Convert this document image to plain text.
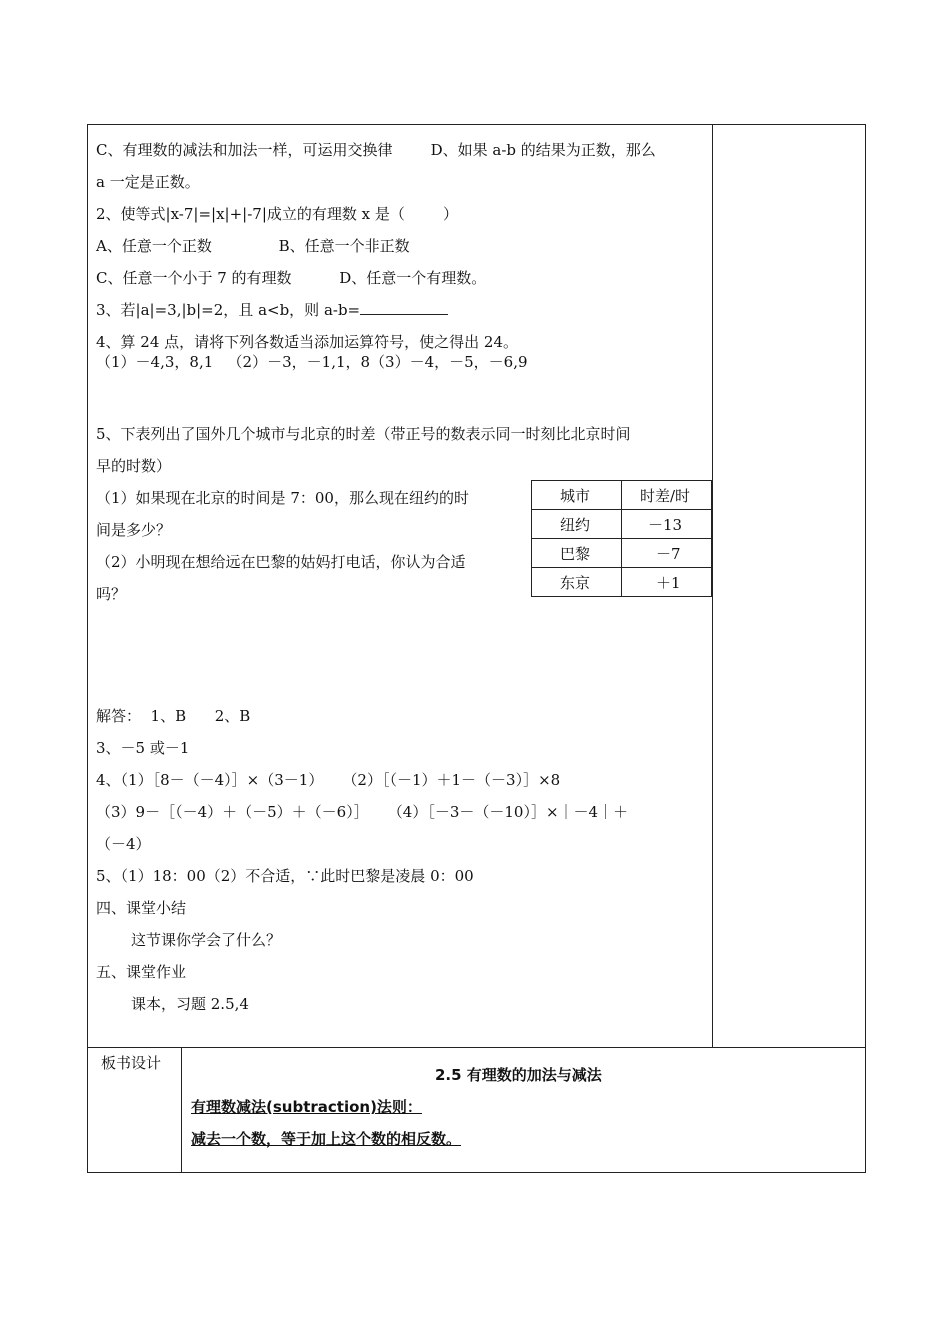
C、有理数的减法和加法一样，可运用交换律        D、如果 a-b 的结果为正数，那么
a 一定是正数。
2、使等式|x-7|=|x|+|-7|成立的有理数 x 是（        ）
A、任意一个正数              B、任意一个非正数
C、任意一个小于 7 的有理数          D、任意一个有理数。
3、若|a|=3,|b|=2，且 a<b，则 a-b=
4、算 24 点，请将下列各数适当添加运算符号，使之得出 24。
（1）－4,3，8,1   （2）－3，－1,1，8（3）－4，－5，－6,9
5、下表列出了国外几个城市与北京的时差（带正号的数表示同一时刻比北京时间
早的时数）
（1）如果现在北京的时间是 7：00，那么现在纽约的时
间是多少？
（2）小明现在想给远在巴黎的姑妈打电话，你认为合适
吗？
城市	时差/时
纽约	－13
巴黎	－7
东京	＋1
解答：  1、B      2、B
3、－5 或－1
4、（1）［8－（－4）］×（3－1）    （2）［（－1）＋1－（－3）］×8
（3）9－［（－4）＋（－5）＋（－6）］    （4）［－3－（－10）］×｜－4｜＋
（－4）
5、（1）18：00（2）不合适，∵此时巴黎是凌晨 0：00
四、课堂小结
这节课你学会了什么？
五、课堂作业
课本，习题 2.5,4
板书设计
2.5 有理数的加法与减法
有理数减法(subtraction)法则：
减去一个数，等于加上这个数的相反数。
